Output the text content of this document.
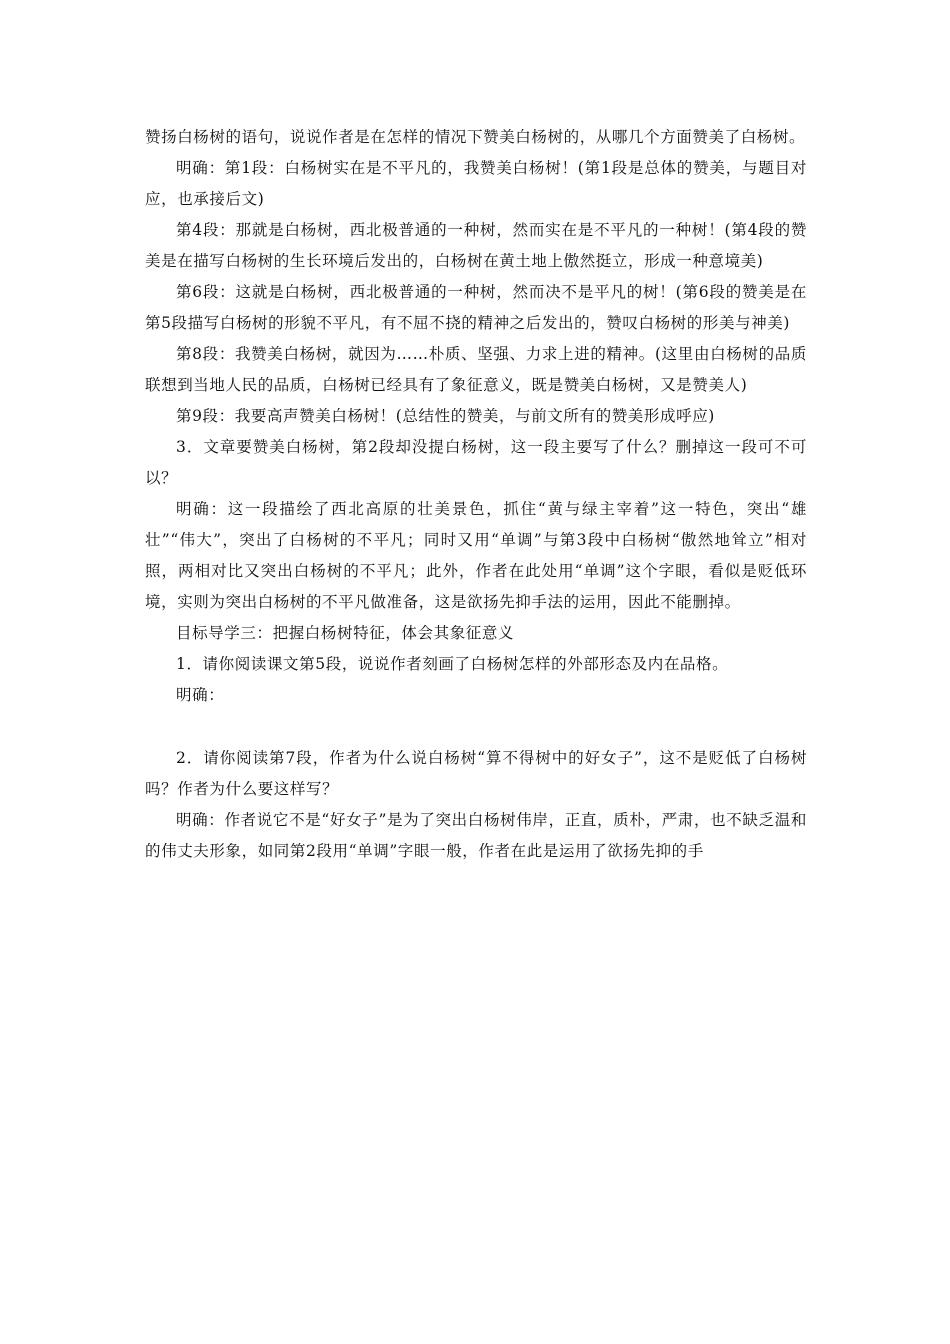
赞扬白杨树的语句，说说作者是在怎样的情况下赞美白杨树的，从哪几个方面赞美了白杨树。

明确：第1段：白杨树实在是不平凡的，我赞美白杨树！(第1段是总体的赞美，与题目对应，也承接后文)

第4段：那就是白杨树，西北极普通的一种树，然而实在是不平凡的一种树！(第4段的赞美是在描写白杨树的生长环境后发出的，白杨树在黄土地上傲然挺立，形成一种意境美)

第6段：这就是白杨树，西北极普通的一种树，然而决不是平凡的树！(第6段的赞美是在第5段描写白杨树的形貌不平凡，有不屈不挠的精神之后发出的，赞叹白杨树的形美与神美)

第8段：我赞美白杨树，就因为……朴质、坚强、力求上进的精神。(这里由白杨树的品质联想到当地人民的品质，白杨树已经具有了象征意义，既是赞美白杨树，又是赞美人)

第9段：我要高声赞美白杨树！(总结性的赞美，与前文所有的赞美形成呼应)

3．文章要赞美白杨树，第2段却没提白杨树，这一段主要写了什么？删掉这一段可不可以？

明确：这一段描绘了西北高原的壮美景色，抓住“黄与绿主宰着”这一特色，突出“雄壮”“伟大”，突出了白杨树的不平凡；同时又用“单调”与第3段中白杨树“傲然地耸立”相对照，两相对比又突出白杨树的不平凡；此外，作者在此处用“单调”这个字眼，看似是贬低环境，实则为突出白杨树的不平凡做准备，这是欲扬先抑手法的运用，因此不能删掉。

目标导学三：把握白杨树特征，体会其象征意义

1．请你阅读课文第5段，说说作者刻画了白杨树怎样的外部形态及内在品格。

明确：

2．请你阅读第7段，作者为什么说白杨树“算不得树中的好女子”，这不是贬低了白杨树吗？作者为什么要这样写？

明确：作者说它不是“好女子”是为了突出白杨树伟岸，正直，质朴，严肃，也不缺乏温和的伟丈夫形象，如同第2段用“单调”字眼一般，作者在此是运用了欲扬先抑的手
